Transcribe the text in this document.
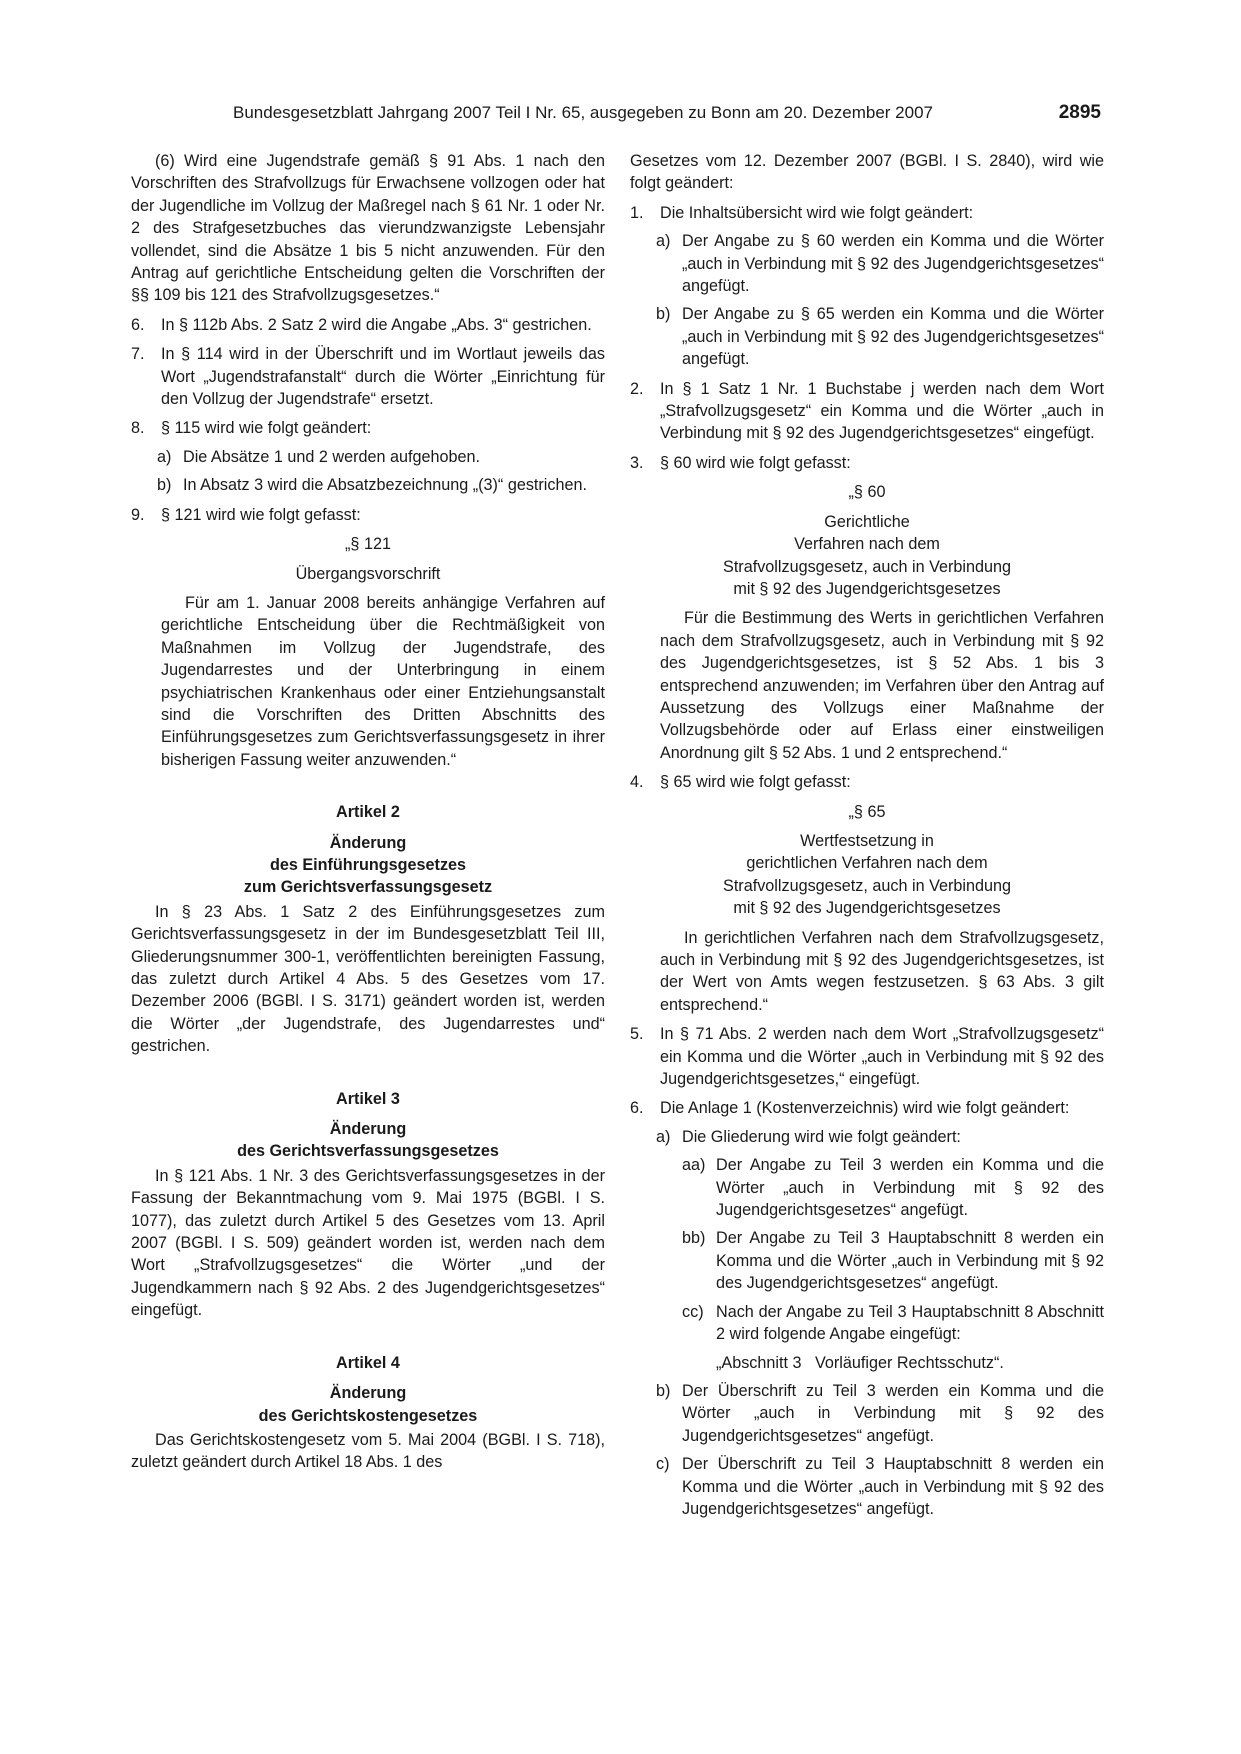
Bundesgesetzblatt Jahrgang 2007 Teil I Nr. 65, ausgegeben zu Bonn am 20. Dezember 2007	2895

(6) Wird eine Jugendstrafe gemäß § 91 Abs. 1 nach den Vorschriften des Strafvollzugs für Erwachsene vollzogen oder hat der Jugendliche im Vollzug der Maßregel nach § 61 Nr. 1 oder Nr. 2 des Strafgesetzbuches das vierundzwanzigste Lebensjahr vollendet, sind die Absätze 1 bis 5 nicht anzuwenden. Für den Antrag auf gerichtliche Entscheidung gelten die Vorschriften der §§ 109 bis 121 des Strafvollzugsgesetzes.“

6.	In § 112b Abs. 2 Satz 2 wird die Angabe „Abs. 3“ gestrichen.
7.	In § 114 wird in der Überschrift und im Wortlaut jeweils das Wort „Jugendstrafanstalt“ durch die Wörter „Einrichtung für den Vollzug der Jugendstrafe“ ersetzt.
8.	§ 115 wird wie folgt geändert:
a) Die Absätze 1 und 2 werden aufgehoben.
b) In Absatz 3 wird die Absatzbezeichnung „(3)“ gestrichen.
9.	§ 121 wird wie folgt gefasst:
„§ 121
Übergangsvorschrift

Für am 1. Januar 2008 bereits anhängige Verfahren auf gerichtliche Entscheidung über die Rechtmäßigkeit von Maßnahmen im Vollzug der Jugendstrafe, des Jugendarrestes und der Unterbringung in einem psychiatrischen Krankenhaus oder einer Entziehungsanstalt sind die Vorschriften des Dritten Abschnitts des Einführungsgesetzes zum Gerichtsverfassungsgesetz in ihrer bisherigen Fassung weiter anzuwenden.“

Artikel 2
Änderung
des Einführungsgesetzes
zum Gerichtsverfassungsgesetz

In § 23 Abs. 1 Satz 2 des Einführungsgesetzes zum Gerichtsverfassungsgesetz in der im Bundesgesetzblatt Teil III, Gliederungsnummer 300-1, veröffentlichten bereinigten Fassung, das zuletzt durch Artikel 4 Abs. 5 des Gesetzes vom 17. Dezember 2006 (BGBl. I S. 3171) geändert worden ist, werden die Wörter „der Jugendstrafe, des Jugendarrestes und“ gestrichen.

Artikel 3
Änderung
des Gerichtsverfassungsgesetzes

In § 121 Abs. 1 Nr. 3 des Gerichtsverfassungsgesetzes in der Fassung der Bekanntmachung vom 9. Mai 1975 (BGBl. I S. 1077), das zuletzt durch Artikel 5 des Gesetzes vom 13. April 2007 (BGBl. I S. 509) geändert worden ist, werden nach dem Wort „Strafvollzugsgesetzes“ die Wörter „und der Jugendkammern nach § 92 Abs. 2 des Jugendgerichtsgesetzes“ eingefügt.

Artikel 4
Änderung
des Gerichtskostengesetzes

Das Gerichtskostengesetz vom 5. Mai 2004 (BGBl. I S. 718), zuletzt geändert durch Artikel 18 Abs. 1 des

Gesetzes vom 12. Dezember 2007 (BGBl. I S. 2840), wird wie folgt geändert:

1.	Die Inhaltsübersicht wird wie folgt geändert:
a) Der Angabe zu § 60 werden ein Komma und die Wörter „auch in Verbindung mit § 92 des Jugendgerichtsgesetzes“ angefügt.
b) Der Angabe zu § 65 werden ein Komma und die Wörter „auch in Verbindung mit § 92 des Jugendgerichtsgesetzes“ angefügt.
2.	In § 1 Satz 1 Nr. 1 Buchstabe j werden nach dem Wort „Strafvollzugsgesetz“ ein Komma und die Wörter „auch in Verbindung mit § 92 des Jugendgerichtsgesetzes“ eingefügt.
3.	§ 60 wird wie folgt gefasst:
„§ 60
Gerichtliche
Verfahren nach dem
Strafvollzugsgesetz, auch in Verbindung
mit § 92 des Jugendgerichtsgesetzes

Für die Bestimmung des Werts in gerichtlichen Verfahren nach dem Strafvollzugsgesetz, auch in Verbindung mit § 92 des Jugendgerichtsgesetzes, ist § 52 Abs. 1 bis 3 entsprechend anzuwenden; im Verfahren über den Antrag auf Aussetzung des Vollzugs einer Maßnahme der Vollzugsbehörde oder auf Erlass einer einstweiligen Anordnung gilt § 52 Abs. 1 und 2 entsprechend.“

4.	§ 65 wird wie folgt gefasst:
„§ 65
Wertfestsetzung in
gerichtlichen Verfahren nach dem
Strafvollzugsgesetz, auch in Verbindung
mit § 92 des Jugendgerichtsgesetzes

In gerichtlichen Verfahren nach dem Strafvollzugsgesetz, auch in Verbindung mit § 92 des Jugendgerichtsgesetzes, ist der Wert von Amts wegen festzusetzen. § 63 Abs. 3 gilt entsprechend.“

5.	In § 71 Abs. 2 werden nach dem Wort „Strafvollzugsgesetz“ ein Komma und die Wörter „auch in Verbindung mit § 92 des Jugendgerichtsgesetzes,“ eingefügt.
6.	Die Anlage 1 (Kostenverzeichnis) wird wie folgt geändert:
a) Die Gliederung wird wie folgt geändert:
aa) Der Angabe zu Teil 3 werden ein Komma und die Wörter „auch in Verbindung mit § 92 des Jugendgerichtsgesetzes“ angefügt.
bb) Der Angabe zu Teil 3 Hauptabschnitt 8 werden ein Komma und die Wörter „auch in Verbindung mit § 92 des Jugendgerichtsgesetzes“ angefügt.
cc) Nach der Angabe zu Teil 3 Hauptabschnitt 8 Abschnitt 2 wird folgende Angabe eingefügt:
„Abschnitt 3   Vorläufiger Rechtsschutz“.
b) Der Überschrift zu Teil 3 werden ein Komma und die Wörter „auch in Verbindung mit § 92 des Jugendgerichtsgesetzes“ angefügt.
c) Der Überschrift zu Teil 3 Hauptabschnitt 8 werden ein Komma und die Wörter „auch in Verbindung mit § 92 des Jugendgerichtsgesetzes“ angefügt.
